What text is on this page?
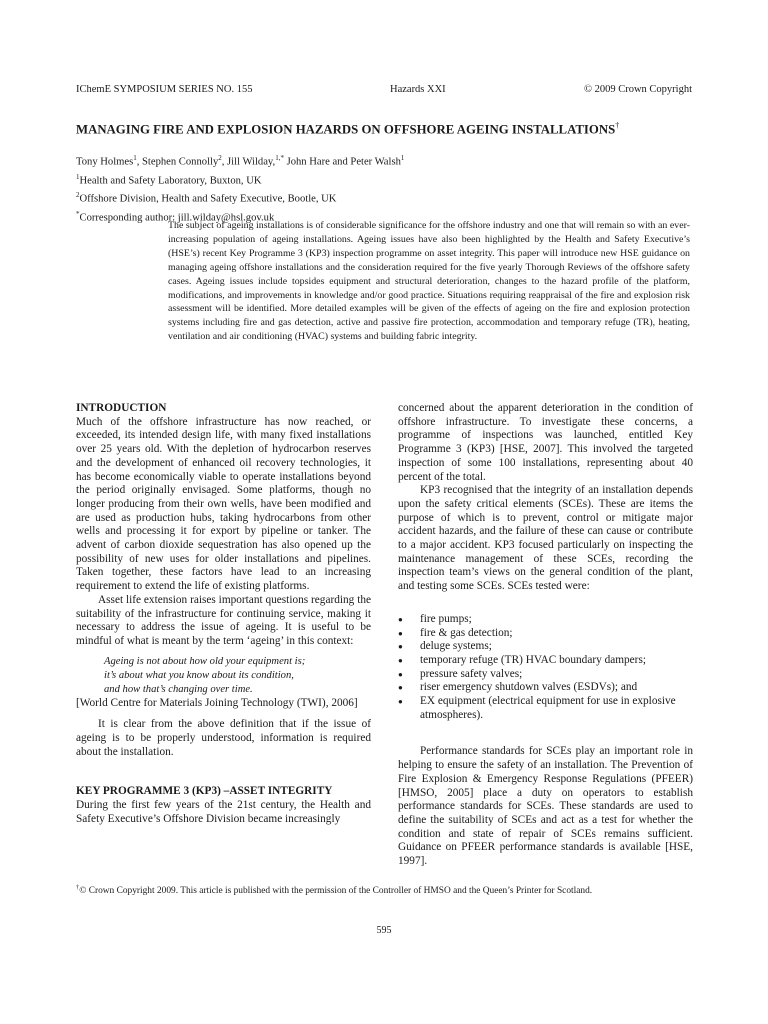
IChemE SYMPOSIUM SERIES NO. 155	Hazards XXI	© 2009 Crown Copyright
MANAGING FIRE AND EXPLOSION HAZARDS ON OFFSHORE AGEING INSTALLATIONS†
Tony Holmes$^1$, Stephen Connolly$^2$, Jill Wilday,$^{1,*}$ John Hare and Peter Walsh$^1$
$^1$Health and Safety Laboratory, Buxton, UK
$^2$Offshore Division, Health and Safety Executive, Bootle, UK
*Corresponding author: jill.wilday@hsl.gov.uk
The subject of ageing installations is of considerable significance for the offshore industry and one that will remain so with an ever-increasing population of ageing installations. Ageing issues have also been highlighted by the Health and Safety Executive’s (HSE’s) recent Key Programme 3 (KP3) inspection programme on asset integrity. This paper will introduce new HSE guidance on managing ageing offshore installations and the consideration required for the five yearly Thorough Reviews of the offshore safety cases. Ageing issues include topsides equipment and structural deterioration, changes to the hazard profile of the platform, modifications, and improvements in knowledge and/or good practice. Situations requiring reappraisal of the fire and explosion risk assessment will be identified. More detailed examples will be given of the effects of ageing on the fire and explosion protection systems including fire and gas detection, active and passive fire protection, accommodation and temporary refuge (TR), heating, ventilation and air conditioning (HVAC) systems and building fabric integrity.

INTRODUCTION

Much of the offshore infrastructure has now reached, or exceeded, its intended design life, with many fixed installations over 25 years old. With the depletion of hydrocarbon reserves and the development of enhanced oil recovery technologies, it has become economically viable to operate installations beyond the period originally envisaged. Some platforms, though no longer producing from their own wells, have been modified and are used as production hubs, taking hydrocarbons from other wells and processing it for export by pipeline or tanker. The advent of carbon dioxide sequestration has also opened up the possibility of new uses for older installations and pipelines. Taken together, these factors have lead to an increasing requirement to extend the life of existing platforms.

Asset life extension raises important questions regarding the suitability of the infrastructure for continuing service, making it necessary to address the issue of ageing. It is useful to be mindful of what is meant by the term ‘ageing’ in this context:

Ageing is not about how old your equipment is;
it’s about what you know about its condition,
and how that’s changing over time.

[World Centre for Materials Joining Technology (TWI), 2006]

It is clear from the above definition that if the issue of ageing is to be properly understood, information is required about the installation.

KEY PROGRAMME 3 (KP3) –ASSET INTEGRITY

During the first few years of the 21st century, the Health and Safety Executive’s Offshore Division became increasingly

concerned about the apparent deterioration in the condition of offshore infrastructure. To investigate these concerns, a programme of inspections was launched, entitled Key Programme 3 (KP3) [HSE, 2007]. This involved the targeted inspection of some 100 installations, representing about 40 percent of the total.

KP3 recognised that the integrity of an installation depends upon the safety critical elements (SCEs). These are items the purpose of which is to prevent, control or mitigate major accident hazards, and the failure of these can cause or contribute to a major accident. KP3 focused particularly on inspecting the maintenance management of these SCEs, recording the inspection team’s views on the general condition of the plant, and testing some SCEs. SCEs tested were:

● fire pumps;
● fire & gas detection;
● deluge systems;
● temporary refuge (TR) HVAC boundary dampers;
● pressure safety valves;
● riser emergency shutdown valves (ESDVs); and
● EX equipment (electrical equipment for use in explosive atmospheres).

Performance standards for SCEs play an important role in helping to ensure the safety of an installation. The Prevention of Fire Explosion & Emergency Response Regulations (PFEER) [HMSO, 2005] place a duty on operators to establish performance standards for SCEs. These standards are used to define the suitability of SCEs and act as a test for whether the condition and state of repair of SCEs remains sufficient. Guidance on PFEER performance standards is available [HSE, 1997].

†© Crown Copyright 2009. This article is published with the permission of the Controller of HMSO and the Queen’s Printer for Scotland.
595
